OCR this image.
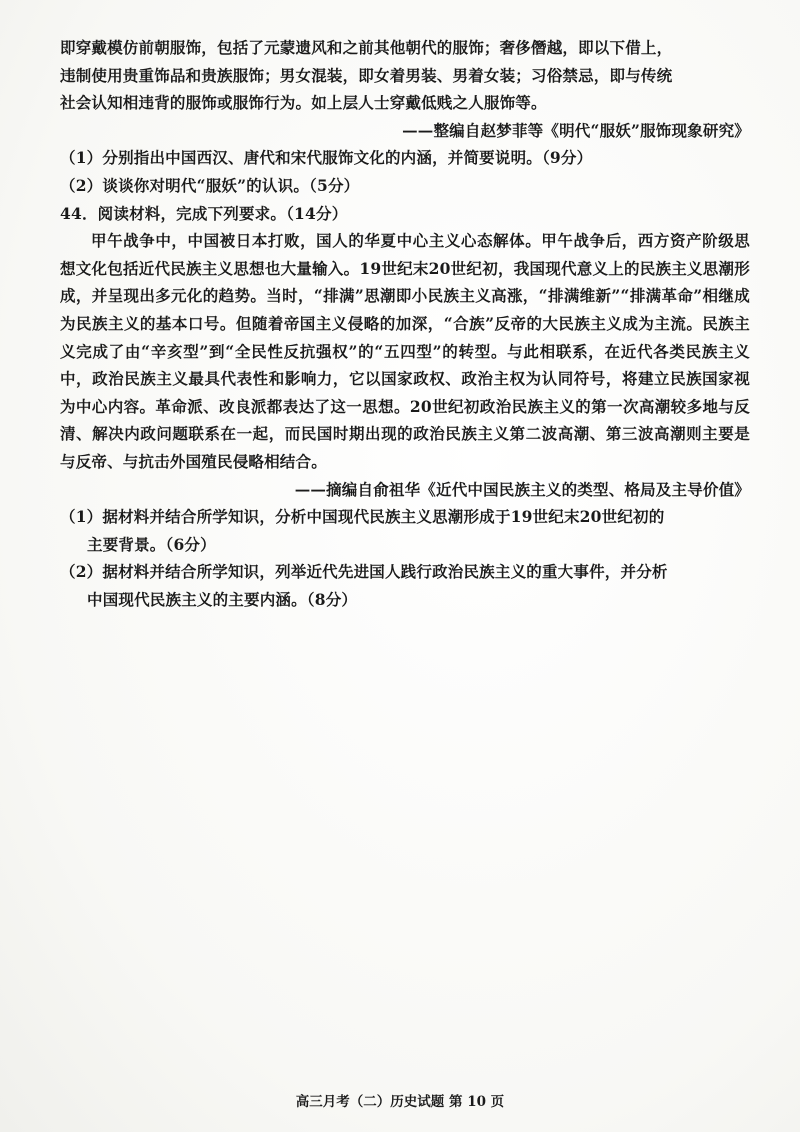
即穿戴模仿前朝服饰，包括了元蒙遗风和之前其他朝代的服饰；奢侈僭越，即以下借上，

违制使用贵重饰品和贵族服饰；男女混装，即女着男装、男着女装；习俗禁忌，即与传统

社会认知相违背的服饰或服饰行为。如上层人士穿戴低贱之人服饰等。

——整编自赵梦菲等《明代“服妖”服饰现象研究》

（1）分别指出中国西汉、唐代和宋代服饰文化的内涵，并简要说明。（9分）

（2）谈谈你对明代“服妖”的认识。（5分）

44．阅读材料，完成下列要求。（14分）

甲午战争中，中国被日本打败，国人的华夏中心主义心态解体。甲午战争后，西方资产阶级思想文化包括近代民族主义思想也大量输入。19世纪末20世纪初，我国现代意义上的民族主义思潮形成，并呈现出多元化的趋势。当时，“排满”思潮即小民族主义高涨，“排满维新”“排满革命”相继成为民族主义的基本口号。但随着帝国主义侵略的加深，“合族”反帝的大民族主义成为主流。民族主义完成了由“辛亥型”到“全民性反抗强权”的“五四型”的转型。与此相联系，在近代各类民族主义中，政治民族主义最具代表性和影响力，它以国家政权、政治主权为认同符号，将建立民族国家视为中心内容。革命派、改良派都表达了这一思想。20世纪初政治民族主义的第一次高潮较多地与反清、解决内政问题联系在一起，而民国时期出现的政治民族主义第二波高潮、第三波高潮则主要是与反帝、与抗击外国殖民侵略相结合。

——摘编自俞祖华《近代中国民族主义的类型、格局及主导价值》

（1）据材料并结合所学知识，分析中国现代民族主义思潮形成于19世纪末20世纪初的

主要背景。（6分）

（2）据材料并结合所学知识，列举近代先进国人践行政治民族主义的重大事件，并分析

中国现代民族主义的主要内涵。（8分）

高三月考（二）历史试题 第 10 页
